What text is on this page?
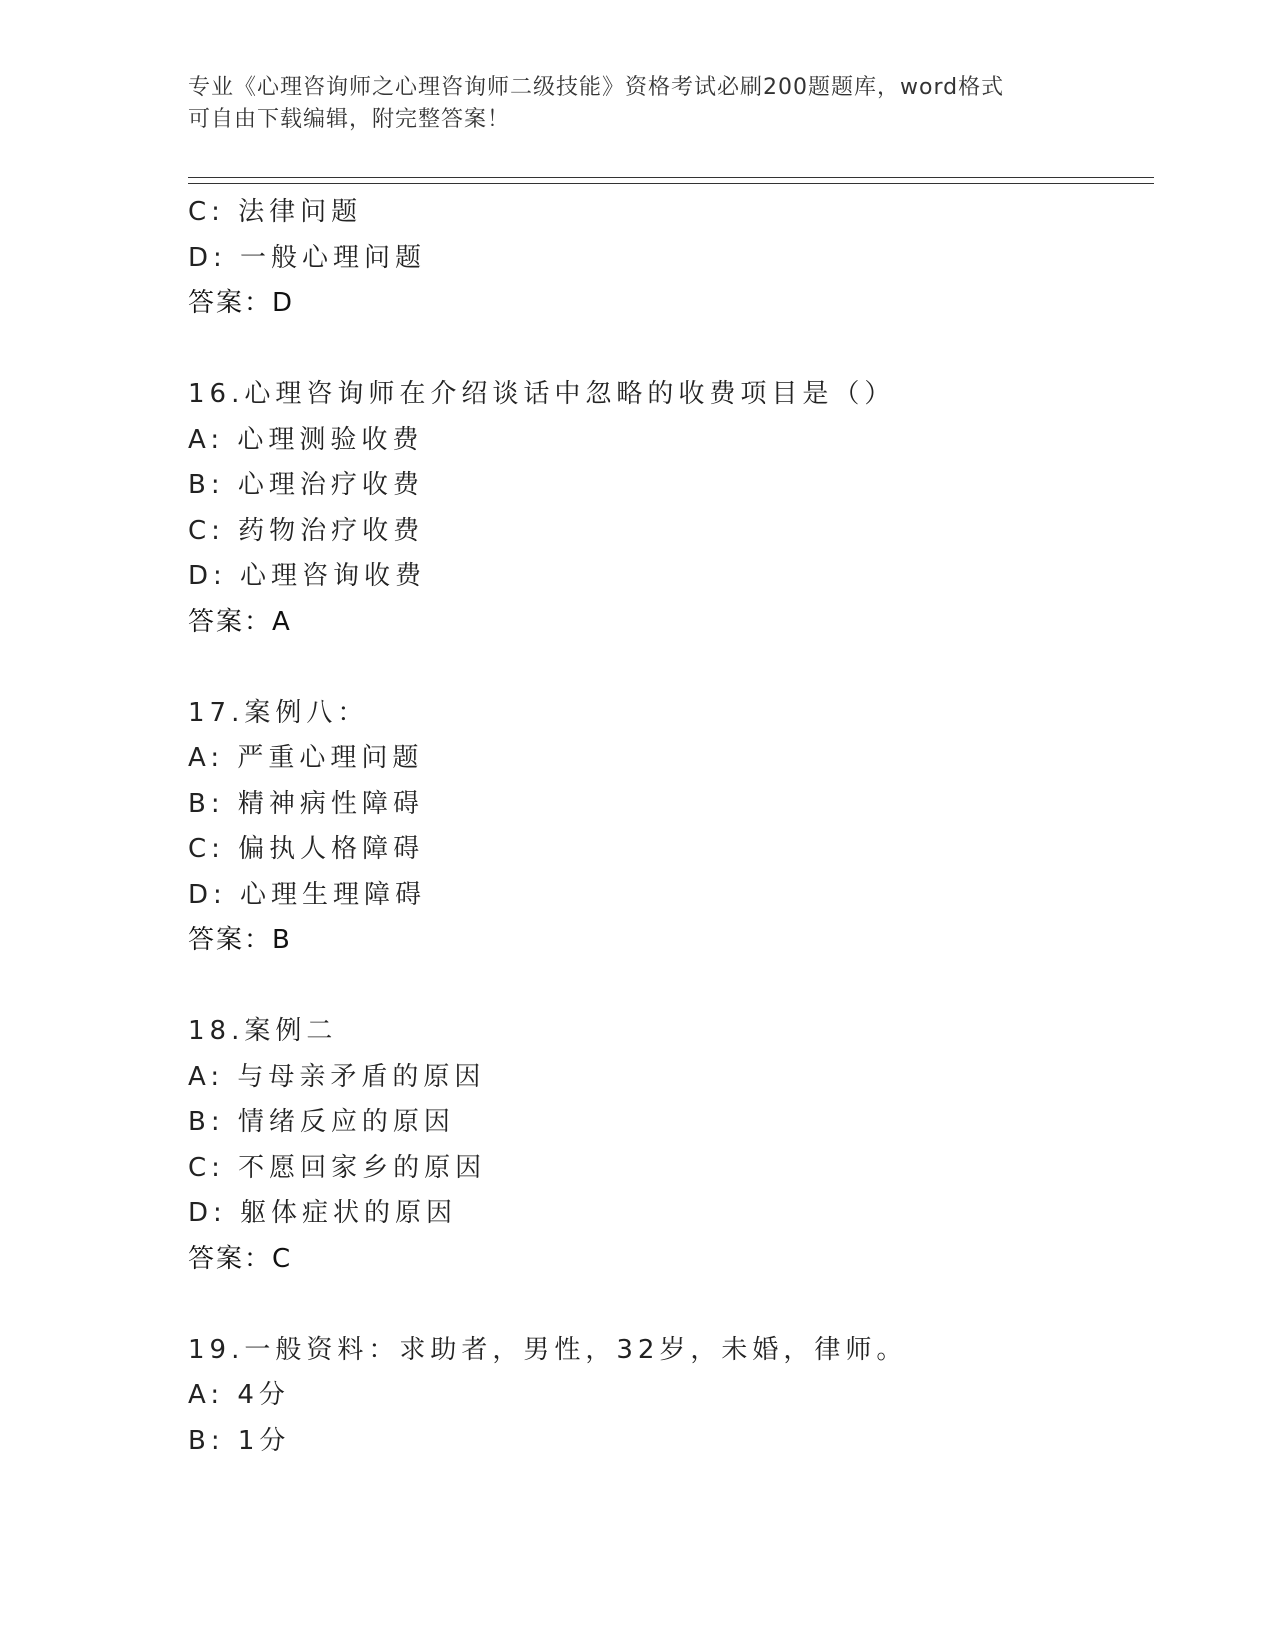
专业《心理咨询师之心理咨询师二级技能》资格考试必刷200题题库，word格式
可自由下载编辑，附完整答案！
C: 法律问题
D: 一般心理问题
答案：D
16.心理咨询师在介绍谈话中忽略的收费项目是（）
A: 心理测验收费
B: 心理治疗收费
C: 药物治疗收费
D: 心理咨询收费
答案：A
17.案例八：
A: 严重心理问题
B: 精神病性障碍
C: 偏执人格障碍
D: 心理生理障碍
答案：B
18.案例二
A: 与母亲矛盾的原因
B: 情绪反应的原因
C: 不愿回家乡的原因
D: 躯体症状的原因
答案：C
19.一般资料：求助者，男性，32岁，未婚，律师。
A: 4分
B: 1分
